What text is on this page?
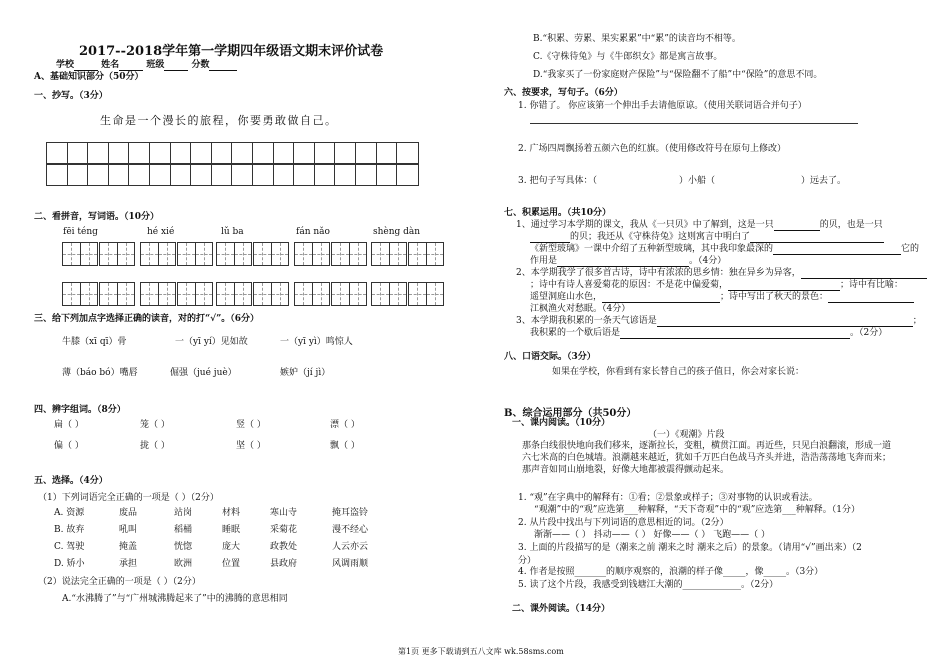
2017--2018学年第一学期四年级语文期末评价试卷
学校	姓名	班级	分数
A、基础知识部分（50分）
一、抄写。（3分）
生命是一个漫长的旅程，你要勇敢做自己。
二、看拼音，写词语。（10分）
fēi téng	hé xié	lǔ ba	fán nǎo	shèng dàn
三、给下列加点字选择正确的读音，对的打“√”。（6分）
牛膝（xī qī）骨	一（yī yí）见如故	一（yī yì）鸣惊人
薄（báo bó）嘴唇	倔强（jué juè）	嫉妒（jí jì）
四、辨字组词。（8分）
扁（ ）	笼（ ）	竖（ ）	漂（ ）
偏（ ）	拢（ ）	坚（ ）	飘（ ）
五、选择。（4分）
（1）下列词语完全正确的一项是（ ）（2分）
A. 资源	废品	站岗	材料	寒山寺	掩耳盗铃
B. 故弃	吼叫	稻桶	睡眠	采菊花	漫不经心
C. 驾驶	掩盖	恍惚	庞大	政教处	人云亦云
D. 矫小	承担	欧洲	位置	县政府	风调雨顺
（2）说法完全正确的一项是（ ）（2分）
A.“水沸腾了”与“广州城沸腾起来了”中的沸腾的意思相同
B.“积累、劳累、果实累累”中“累”的读音均不相等。
C.《守株待兔》与《牛郎织女》都是寓言故事。
D.“我家买了一份家庭财产保险”与“保险翻不了船”中“保险”的意思不同。
六、按要求，写句子。（6分）
1. 你错了。 你应该第一个伸出手去请他原谅。（使用关联词语合并句子）
2. 广场四周飘扬着五颜六色的红旗。（使用修改符号在原句上修改）
3. 把句子写具体：（	）小船（	）远去了。
七、积累运用。（共10分）
1、通过学习本学期的课文，我从《一只贝》中了解到，这是一只	的贝，也是一只
的贝；我还从《守株待兔》这则寓言中明白了
《新型玻璃》一课中介绍了五种新型玻璃，其中我印象最深的	它的
作用是	。（4分）
2、本学期我学了很多首古诗，诗中有浓浓的思乡情：独在异乡为异客，
；诗中有诗人喜爱菊花的原因：不是花中偏爱菊，	；诗中有比喻：
遥望洞庭山水色，	；诗中写出了秋天的景色：
江枫渔火对愁眠。（4分）
3、本学期我积累的一条天气谚语是	；
我积累的一个歇后语是	。（2分）
八、口语交际。（3分）
如果在学校，你看到有家长替自己的孩子值日，你会对家长说：
B、综合运用部分（共50分）
一、课内阅读。（10分）
（一）《观潮》片段
那条白线很快地向我们移来，逐渐拉长，变粗，横贯江面。再近些，只见白浪翻滚，形成一道
六七米高的白色城墙。浪潮越来越近，犹如千万匹白色战马齐头并进，浩浩荡荡地飞奔而来；
那声音如同山崩地裂，好像大地都被震得颤动起来。
1. “观”在字典中的解释有：①看；②景象或样子；③对事物的认识或看法。
“观潮”中的“观”应选第___种解释，“天下奇观”中的“观”应选第___种解释。（1分）
2. 从片段中找出与下列词语的意思相近的词。（2分）
渐渐——（ ） 抖动——（ ） 好像——（ ） 飞跑——（ ）
3. 上面的片段描写的是（潮来之前 潮来之时 潮来之后）的景象。（请用“√”画出来）（2
分）
4. 作者是按照_______的顺序观察的，浪潮的样子像_____，像_____。（3分）
5. 读了这个片段，我感受到钱塘江大潮的_____________。（2分）
二、课外阅读。（14分）
第1页 更多下载请到五八文库 wk.58sms.com
